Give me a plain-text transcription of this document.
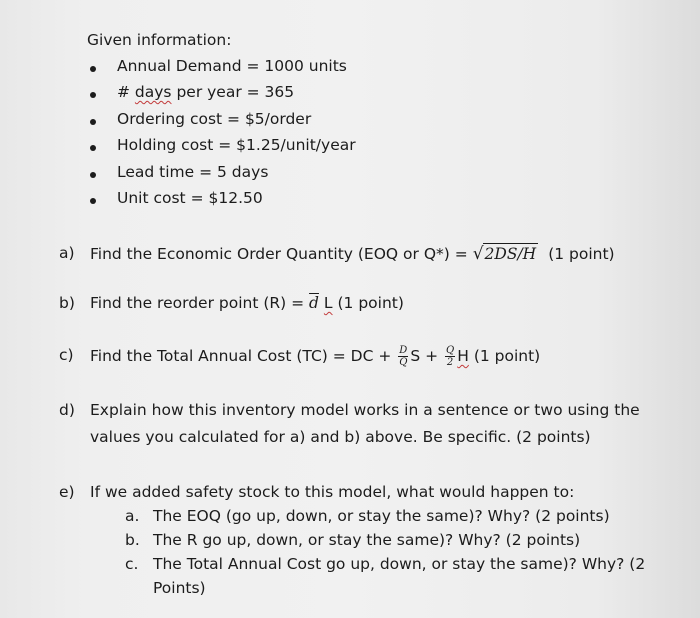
Given information:
Annual Demand = 1000 units
# days per year = 365
Ordering cost = $5/order
Holding cost = $1.25/unit/year
Lead time = 5 days
Unit cost = $12.50
a) Find the Economic Order Quantity (EOQ or Q*) = √2DS/H (1 point)
b) Find the reorder point $(R) = \overline{d}$ L (1 point)
c) Find the Total Annual Cost (TC) = DC + $\frac{D}{Q}$ $S + \frac{Q}{2}$ H (1 point)
d) Explain how this inventory model works in a sentence or two using the
values you calculated for a) and b) above. Be specific. (2 points)
e) If we added safety stock to this model, what would happen to:
a. The EOQ (go up, down, or stay the same)? Why? (2 points)
b. The R go up, down, or stay the same)? Why? (2 points)
c. The Total Annual Cost go up, down, or stay the same)? Why? (2
Points)
